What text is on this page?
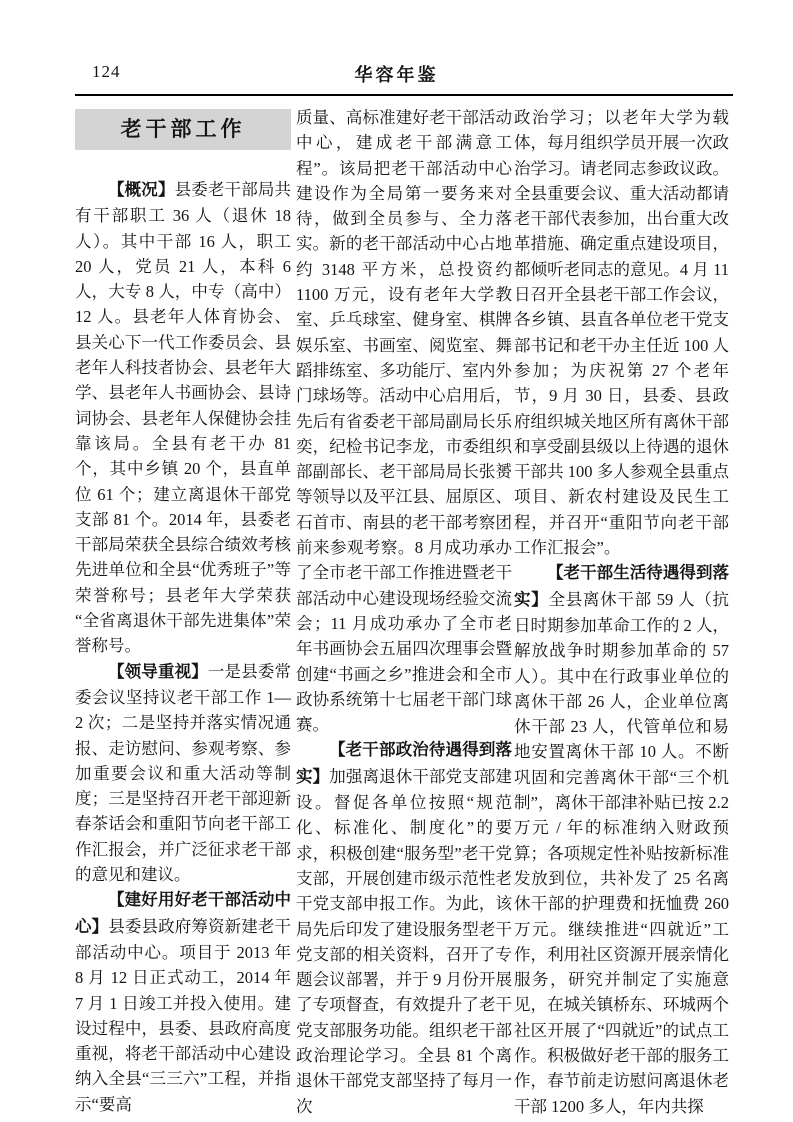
124	华容年鉴
老干部工作
【概况】县委老干部局共有干部职工 36 人（退休 18 人）。其中干部 16 人，职工 20 人，党员 21 人，本科 6 人，大专 8 人，中专（高中）12 人。县老年人体育协会、县关心下一代工作委员会、县老年人科技者协会、县老年大学、县老年人书画协会、县诗词协会、县老年人保健协会挂靠该局。全县有老干办 81 个，其中乡镇 20 个，县直单位 61 个；建立离退休干部党支部 81 个。2014 年，县委老干部局荣获全县综合绩效考核先进单位和全县“优秀班子”等荣誉称号；县老年大学荣获“全省离退休干部先进集体”荣誉称号。
【领导重视】一是县委常委会议坚持议老干部工作 1—2 次；二是坚持并落实情况通报、走访慰问、参观考察、参加重要会议和重大活动等制度；三是坚持召开老干部迎新春茶话会和重阳节向老干部工作汇报会，并广泛征求老干部的意见和建议。
【建好用好老干部活动中心】县委县政府筹资新建老干部活动中心。项目于 2013 年 8 月 12 日正式动工，2014 年 7 月 1 日竣工并投入使用。建设过程中，县委、县政府高度重视，将老干部活动中心建设纳入全县“三三六”工程，并指示“要高
质量、高标准建好老干部活动中心，建成老干部满意工程”。该局把老干部活动中心建设作为全局第一要务来对待，做到全员参与、全力落实。新的老干部活动中心占地约 3148 平方米，总投资约 1100 万元，设有老年大学教室、乒乓球室、健身室、棋牌娱乐室、书画室、阅览室、舞蹈排练室、多功能厅、室内外门球场等。活动中心启用后，先后有省委老干部局副局长乐奕，纪检书记李龙，市委组织部副部长、老干部局局长张赟等领导以及平江县、屈原区、石首市、南县的老干部考察团前来参观考察。8 月成功承办了全市老干部工作推进暨老干部活动中心建设现场经验交流会；11 月成功承办了全市老年书画协会五届四次理事会暨创建“书画之乡”推进会和全市政协系统第十七届老干部门球赛。
【老干部政治待遇得到落实】加强离退休干部党支部建设。督促各单位按照“规范化、标准化、制度化”的要求，积极创建“服务型”老干党支部，开展创建市级示范性老干党支部申报工作。为此，该局先后印发了建设服务型老干党支部的相关资料，召开了专题会议部署，并于 9 月份开展了专项督查，有效提升了老干党支部服务功能。组织老干部政治理论学习。全县 81 个离退休干部党支部坚持了每月一次
政治学习；以老年大学为载体，每月组织学员开展一次政治学习。请老同志参政议政。全县重要会议、重大活动都请老干部代表参加，出台重大改革措施、确定重点建设项目，都倾听老同志的意见。4 月 11 日召开全县老干部工作会议，各乡镇、县直各单位老干党支部书记和老干办主任近 100 人参加；为庆祝第 27 个老年节，9 月 30 日，县委、县政府组织城关地区所有离休干部和享受副县级以上待遇的退休干部共 100 多人参观全县重点项目、新农村建设及民生工程，并召开“重阳节向老干部工作汇报会”。
【老干部生活待遇得到落实】全县离休干部 59 人（抗日时期参加革命工作的 2 人，解放战争时期参加革命的 57 人）。其中在行政事业单位的离休干部 26 人，企业单位离休干部 23 人，代管单位和易地安置离休干部 10 人。不断巩固和完善离休干部“三个机制”，离休干部津补贴已按 2.2 万元 / 年的标准纳入财政预算；各项规定性补贴按新标准发放到位，共补发了 25 名离休干部的护理费和抚恤费 260 万元。继续推进“四就近”工作，利用社区资源开展亲情化服务，研究并制定了实施意见，在城关镇桥东、环城两个社区开展了“四就近”的试点工作。积极做好老干部的服务工作，春节前走访慰问离退休老干部 1200 多人，年内共探
